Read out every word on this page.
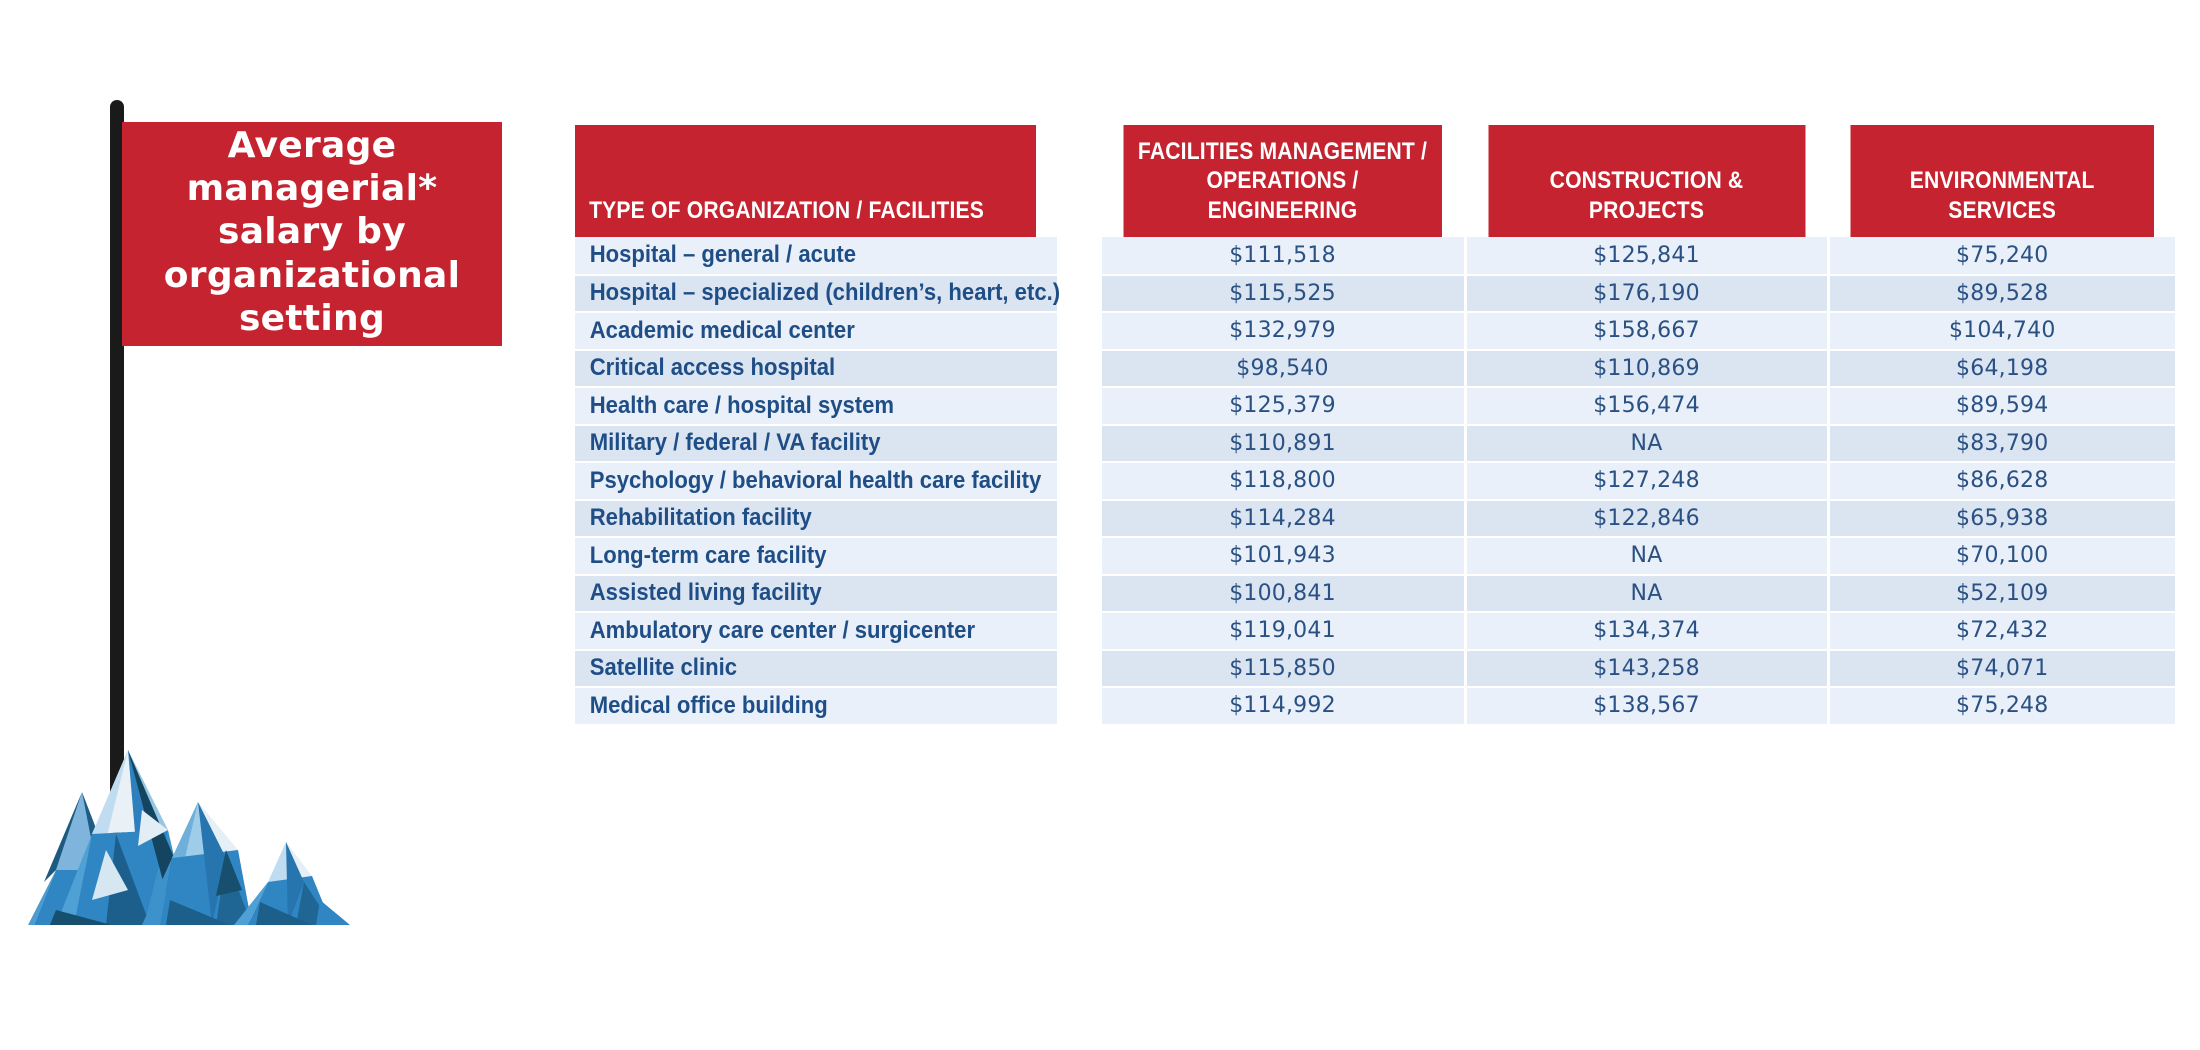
Average managerial* salary by organizational setting
TYPE OF ORGANIZATION / FACILITIES	FACILITIES MANAGEMENT / OPERATIONS / ENGINEERING	CONSTRUCTION & PROJECTS	ENVIRONMENTAL SERVICES
Hospital – general / acute	$111,518	$125,841	$75,240
Hospital – specialized (children’s, heart, etc.)	$115,525	$176,190	$89,528
Academic medical center	$132,979	$158,667	$104,740
Critical access hospital	$98,540	$110,869	$64,198
Health care / hospital system	$125,379	$156,474	$89,594
Military / federal / VA facility	$110,891	NA	$83,790
Psychology / behavioral health care facility	$118,800	$127,248	$86,628
Rehabilitation facility	$114,284	$122,846	$65,938
Long-term care facility	$101,943	NA	$70,100
Assisted living facility	$100,841	NA	$52,109
Ambulatory care center / surgicenter	$119,041	$134,374	$72,432
Satellite clinic	$115,850	$143,258	$74,071
Medical office building	$114,992	$138,567	$75,248
